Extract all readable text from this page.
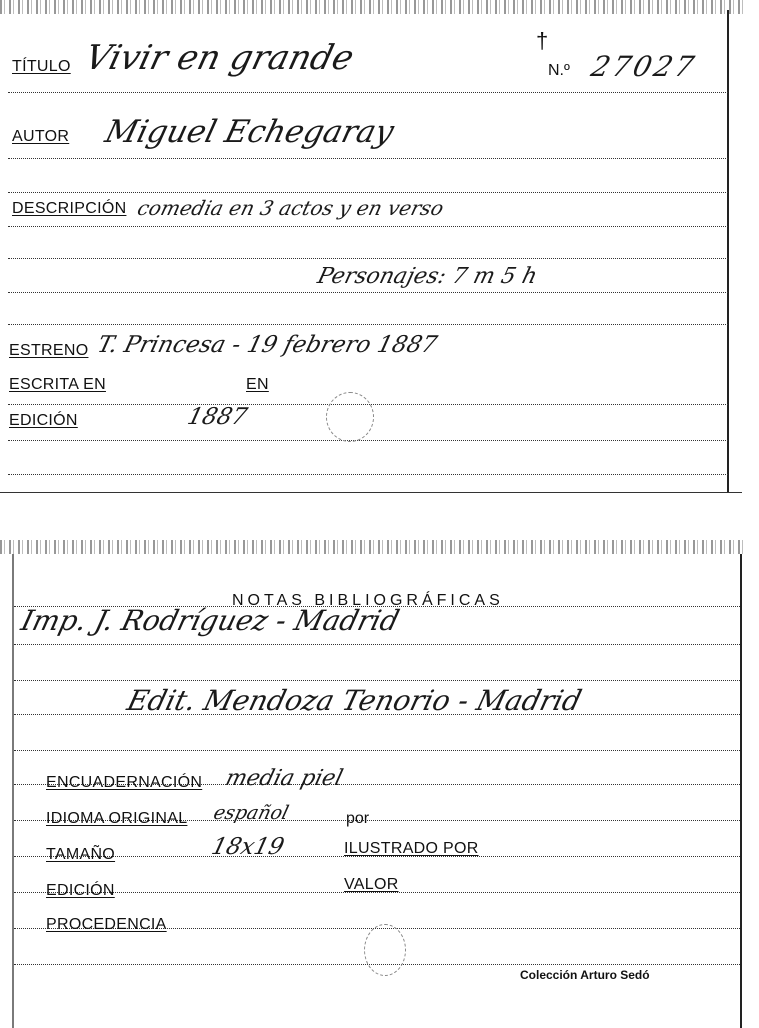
†
TÍTULO Vivir en grande	N.º 27027
AUTOR Miguel Echegaray
DESCRIPCIÓN comedia en 3 actos y en verso
Personajes: 7 m 5 h
ESTRENO T. Princesa - 19 febrero 1887
ESCRITA EN	EN
EDICIÓN	1887
NOTAS BIBLIOGRÁFICAS
Imp. J. Rodríguez - Madrid
Edit. Mendoza Tenorio - Madrid
ENCUADERNACIÓN media piel
IDIOMA ORIGINAL español	por
TAMAÑO	18x19	ILUSTRADO POR
EDICIÓN	VALOR
PROCEDENCIA
Colección Arturo Sedó
